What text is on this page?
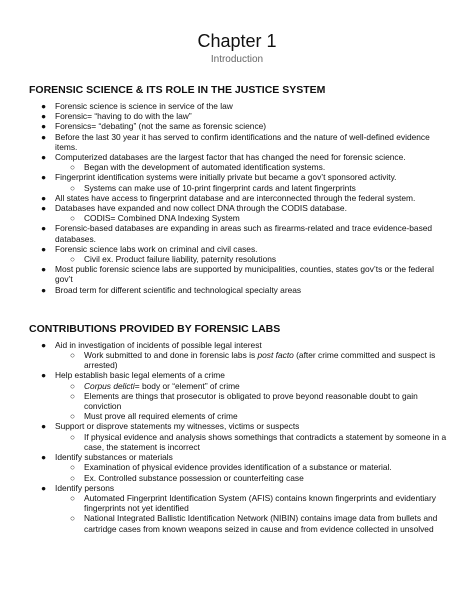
Chapter 1
Introduction
FORENSIC SCIENCE & ITS ROLE IN THE JUSTICE SYSTEM
● Forensic science is science in service of the law
● Forensic= “having to do with the law”
● Forensics= “debating” (not the same as forensic science)
● Before the last 30 year it has served to confirm identifications and the nature of well-defined evidence items.
● Computerized databases are the largest factor that has changed the need for forensic science.
○ Began with the development of automated identification systems.
● Fingerprint identification systems were initially private but became a gov’t sponsored activity.
○ Systems can make use of 10-print fingerprint cards and latent fingerprints
● All states have access to fingerprint database and are interconnected through the federal system.
● Databases have expanded and now collect DNA through the CODIS database.
○ CODIS= Combined DNA Indexing System
● Forensic-based databases are expanding in areas such as firearms-related and trace evidence-based databases.
● Forensic science labs work on criminal and civil cases.
○ Civil ex. Product failure liability, paternity resolutions
● Most public forensic science labs are supported by municipalities, counties, states gov’ts or the federal gov’t
● Broad term for different scientific and technological specialty areas
CONTRIBUTIONS PROVIDED BY FORENSIC LABS
● Aid in investigation of incidents of possible legal interest
○ Work submitted to and done in forensic labs is post facto (after crime committed and suspect is arrested)
● Help establish basic legal elements of a crime
○ Corpus delicti= body or “element” of crime
○ Elements are things that prosecutor is obligated to prove beyond reasonable doubt to gain conviction
○ Must prove all required elements of crime
● Support or disprove statements my witnesses, victims or suspects
○ If physical evidence and analysis shows somethings that contradicts a statement by someone in a case, the statement is incorrect
● Identify substances or materials
○ Examination of physical evidence provides identification of a substance or material.
○ Ex. Controlled substance possession or counterfeiting case
● Identify persons
○ Automated Fingerprint Identification System (AFIS) contains known fingerprints and evidentiary fingerprints not yet identified
○ National Integrated Ballistic Identification Network (NIBIN) contains image data from bullets and cartridge cases from known weapons seized in cause and from evidence collected in unsolved
